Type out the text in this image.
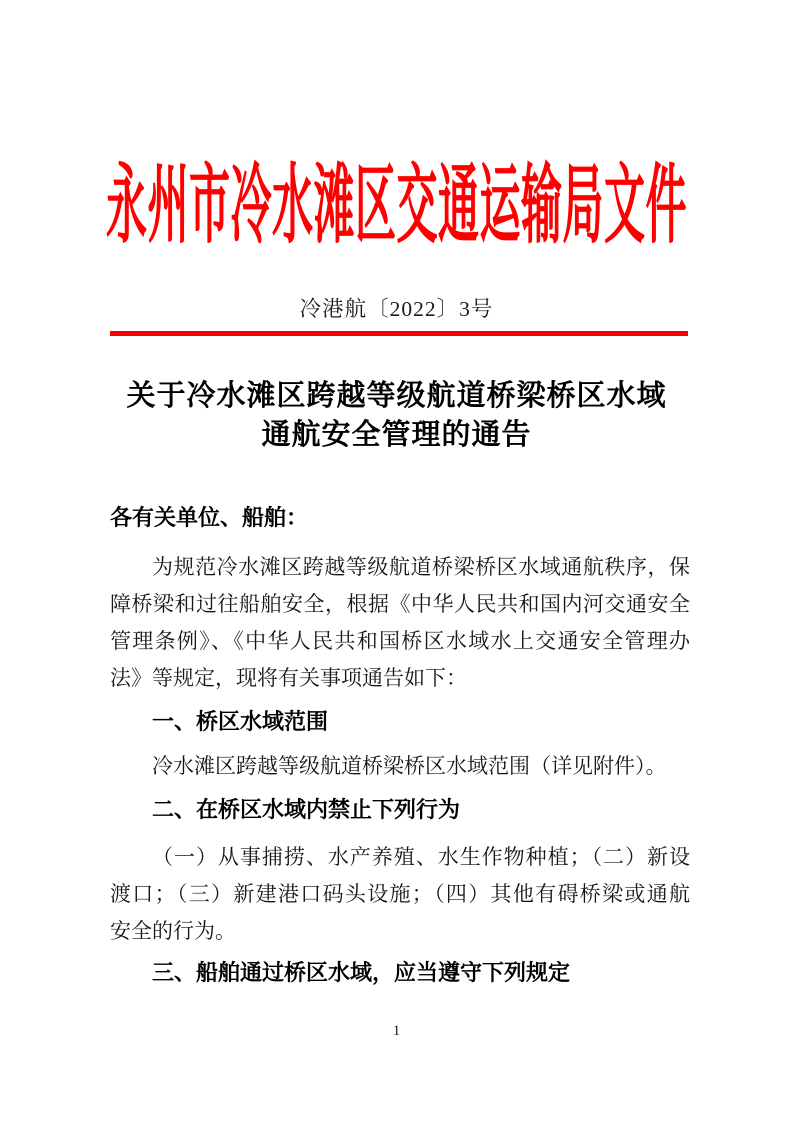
永州市冷水滩区交通运输局文件
冷港航〔2022〕3号
关于冷水滩区跨越等级航道桥梁桥区水域
通航安全管理的通告
各有关单位、船舶：
为规范冷水滩区跨越等级航道桥梁桥区水域通航秩序，保
障桥梁和过往船舶安全，根据《中华人民共和国内河交通安全
管理条例》、《中华人民共和国桥区水域水上交通安全管理办
法》等规定，现将有关事项通告如下：
一、桥区水域范围
冷水滩区跨越等级航道桥梁桥区水域范围（详见附件）。
二、在桥区水域内禁止下列行为
（一）从事捕捞、水产养殖、水生作物种植；（二）新设
渡口；（三）新建港口码头设施；（四）其他有碍桥梁或通航
安全的行为。
三、船舶通过桥区水域，应当遵守下列规定
1
